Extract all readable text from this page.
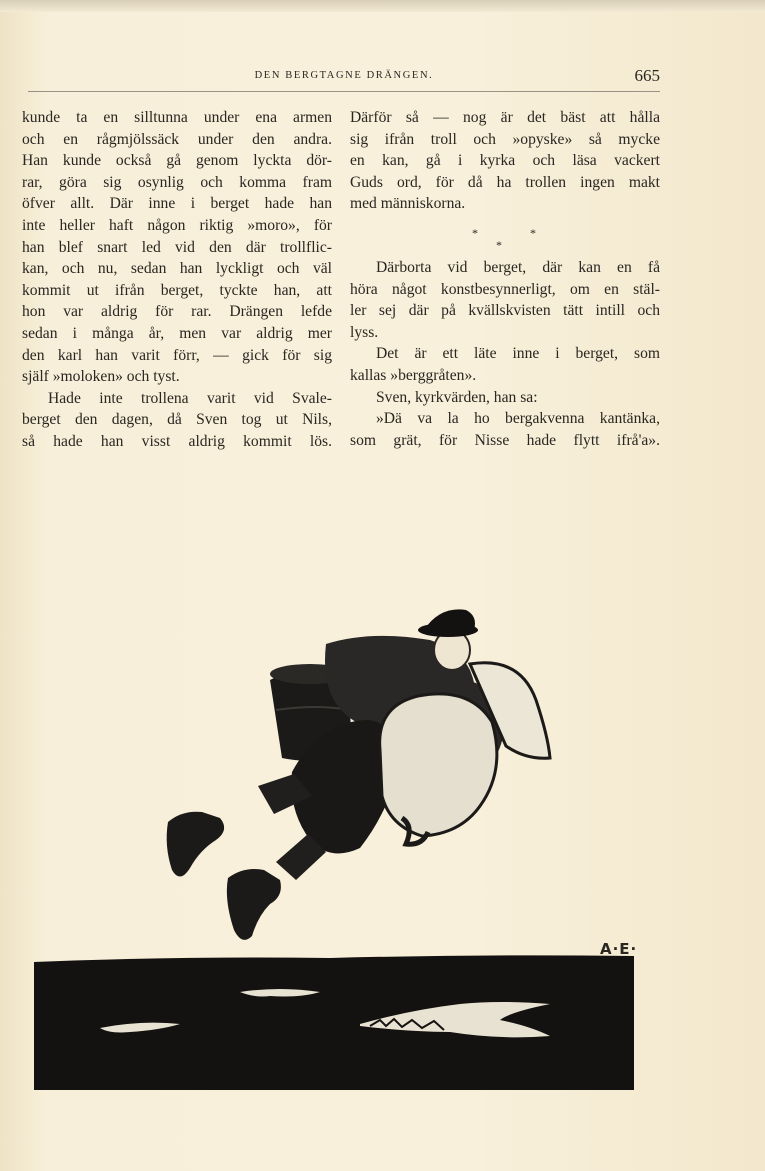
DEN BERGTAGNE DRÄNGEN.	665
kunde ta en silltunna under ena armen
och en rågmjölssäck under den andra.
Han kunde också gå genom lyckta dör-
rar, göra sig osynlig och komma fram
öfver allt. Där inne i berget hade han
inte heller haft någon riktig »moro», för
han blef snart led vid den där trollflic-
kan, och nu, sedan han lyckligt och väl
kommit ut ifrån berget, tyckte han, att
hon var aldrig för rar. Drängen lefde
sedan i många år, men var aldrig mer
den karl han varit förr, — gick för sig
själf »moloken» och tyst.
Hade inte trollena varit vid Svale-
berget den dagen, då Sven tog ut Nils,
så hade han visst aldrig kommit lös.
Därför så — nog är det bäst att hålla
sig ifrån troll och »opyske» så mycke
en kan, gå i kyrka och läsa vackert
Guds ord, för då ha trollen ingen makt
med människorna.
*
*
*
Därborta vid berget, där kan en få
höra något konstbesynnerligt, om en stäl-
ler sej där på kvällskvisten tätt intill och
lyss.
Det är ett läte inne i berget, som
kallas »berggråten».
Sven, kyrkvärden, han sa:
»Dä va la ho bergakvenna kantänka,
som grät, för Nisse hade flytt ifrå'a».
A·E·
